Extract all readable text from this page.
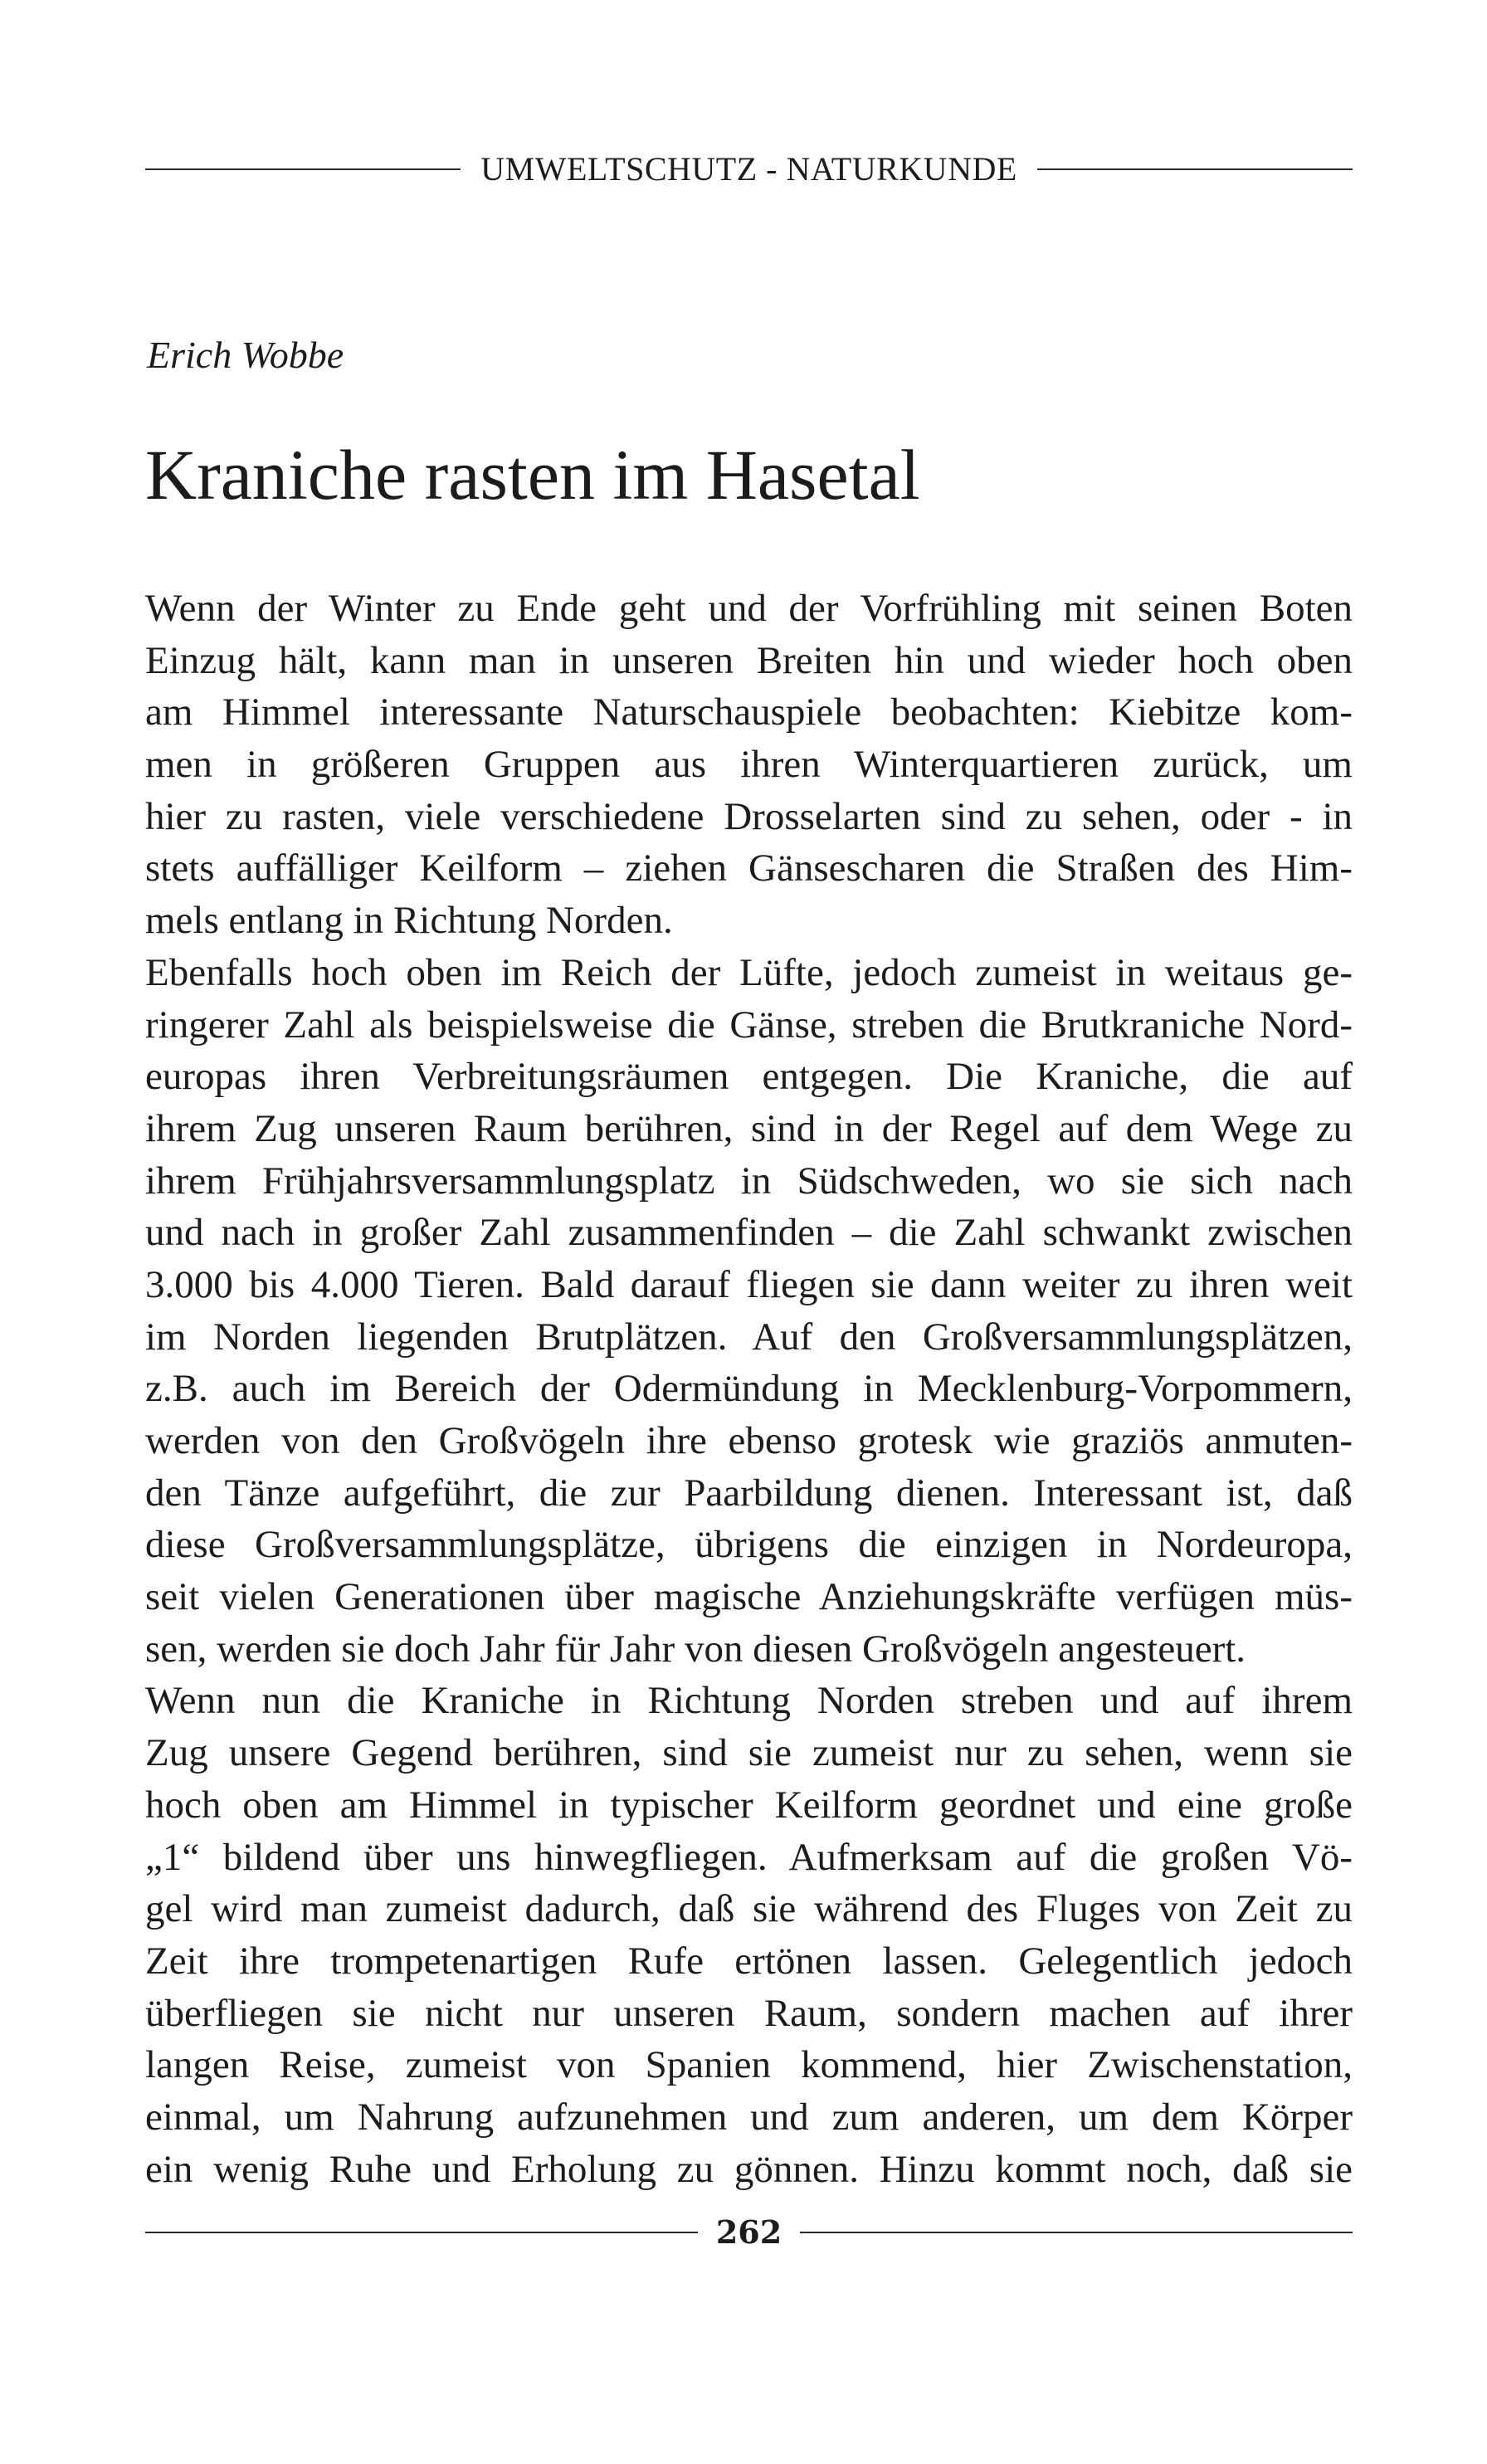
UMWELTSCHUTZ - NATURKUNDE
Erich Wobbe
Kraniche rasten im Hasetal
Wenn der Winter zu Ende geht und der Vorfrühling mit seinen Boten
Einzug hält, kann man in unseren Breiten hin und wieder hoch oben
am Himmel interessante Naturschauspiele beobachten: Kiebitze kom-
men in größeren Gruppen aus ihren Winterquartieren zurück, um
hier zu rasten, viele verschiedene Drosselarten sind zu sehen, oder - in
stets auffälliger Keilform – ziehen Gänsescharen die Straßen des Him-
mels entlang in Richtung Norden.
Ebenfalls hoch oben im Reich der Lüfte, jedoch zumeist in weitaus ge-
ringerer Zahl als beispielsweise die Gänse, streben die Brutkraniche Nord-
europas ihren Verbreitungsräumen entgegen. Die Kraniche, die auf
ihrem Zug unseren Raum berühren, sind in der Regel auf dem Wege zu
ihrem Frühjahrsversammlungsplatz in Südschweden, wo sie sich nach
und nach in großer Zahl zusammenfinden – die Zahl schwankt zwischen
3.000 bis 4.000 Tieren. Bald darauf fliegen sie dann weiter zu ihren weit
im Norden liegenden Brutplätzen. Auf den Großversammlungsplätzen,
z.B. auch im Bereich der Odermündung in Mecklenburg-Vorpommern,
werden von den Großvögeln ihre ebenso grotesk wie graziös anmuten-
den Tänze aufgeführt, die zur Paarbildung dienen. Interessant ist, daß
diese Großversammlungsplätze, übrigens die einzigen in Nordeuropa,
seit vielen Generationen über magische Anziehungskräfte verfügen müs-
sen, werden sie doch Jahr für Jahr von diesen Großvögeln angesteuert.
Wenn nun die Kraniche in Richtung Norden streben und auf ihrem
Zug unsere Gegend berühren, sind sie zumeist nur zu sehen, wenn sie
hoch oben am Himmel in typischer Keilform geordnet und eine große
„1“ bildend über uns hinwegfliegen. Aufmerksam auf die großen Vö-
gel wird man zumeist dadurch, daß sie während des Fluges von Zeit zu
Zeit ihre trompetenartigen Rufe ertönen lassen. Gelegentlich jedoch
überfliegen sie nicht nur unseren Raum, sondern machen auf ihrer
langen Reise, zumeist von Spanien kommend, hier Zwischenstation,
einmal, um Nahrung aufzunehmen und zum anderen, um dem Körper
ein wenig Ruhe und Erholung zu gönnen. Hinzu kommt noch, daß sie
262
